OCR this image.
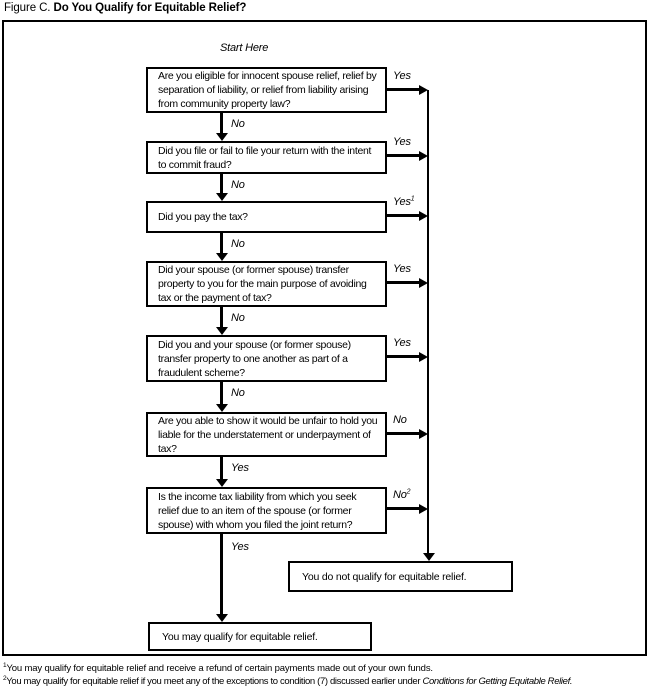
Figure C. Do You Qualify for Equitable Relief?
Start Here
Are you eligible for innocent spouse relief, relief by separation of liability, or relief from liability arising from community property law?
Did you file or fail to file your return with the intent to commit fraud?
Did you pay the tax?
Did your spouse (or former spouse) transfer property to you for the main purpose of avoiding tax or the payment of tax?
Did you and your spouse (or former spouse) transfer property to one another as part of a fraudulent scheme?
Are you able to show it would be unfair to hold you liable for the understatement or underpayment of tax?
Is the income tax liability from which you seek relief due to an item of the spouse (or former spouse) with whom you filed the joint return?
No
No
No
No
No
Yes
Yes
Yes
Yes
Yes$^1$
Yes
Yes
No
No$^2$
You do not qualify for equitable relief.
You may qualify for equitable relief.
$^1$You may qualify for equitable relief and receive a refund of certain payments made out of your own funds.
$^2$You may qualify for equitable relief if you meet any of the exceptions to condition (7) discussed earlier under Conditions for Getting Equitable Relief.
